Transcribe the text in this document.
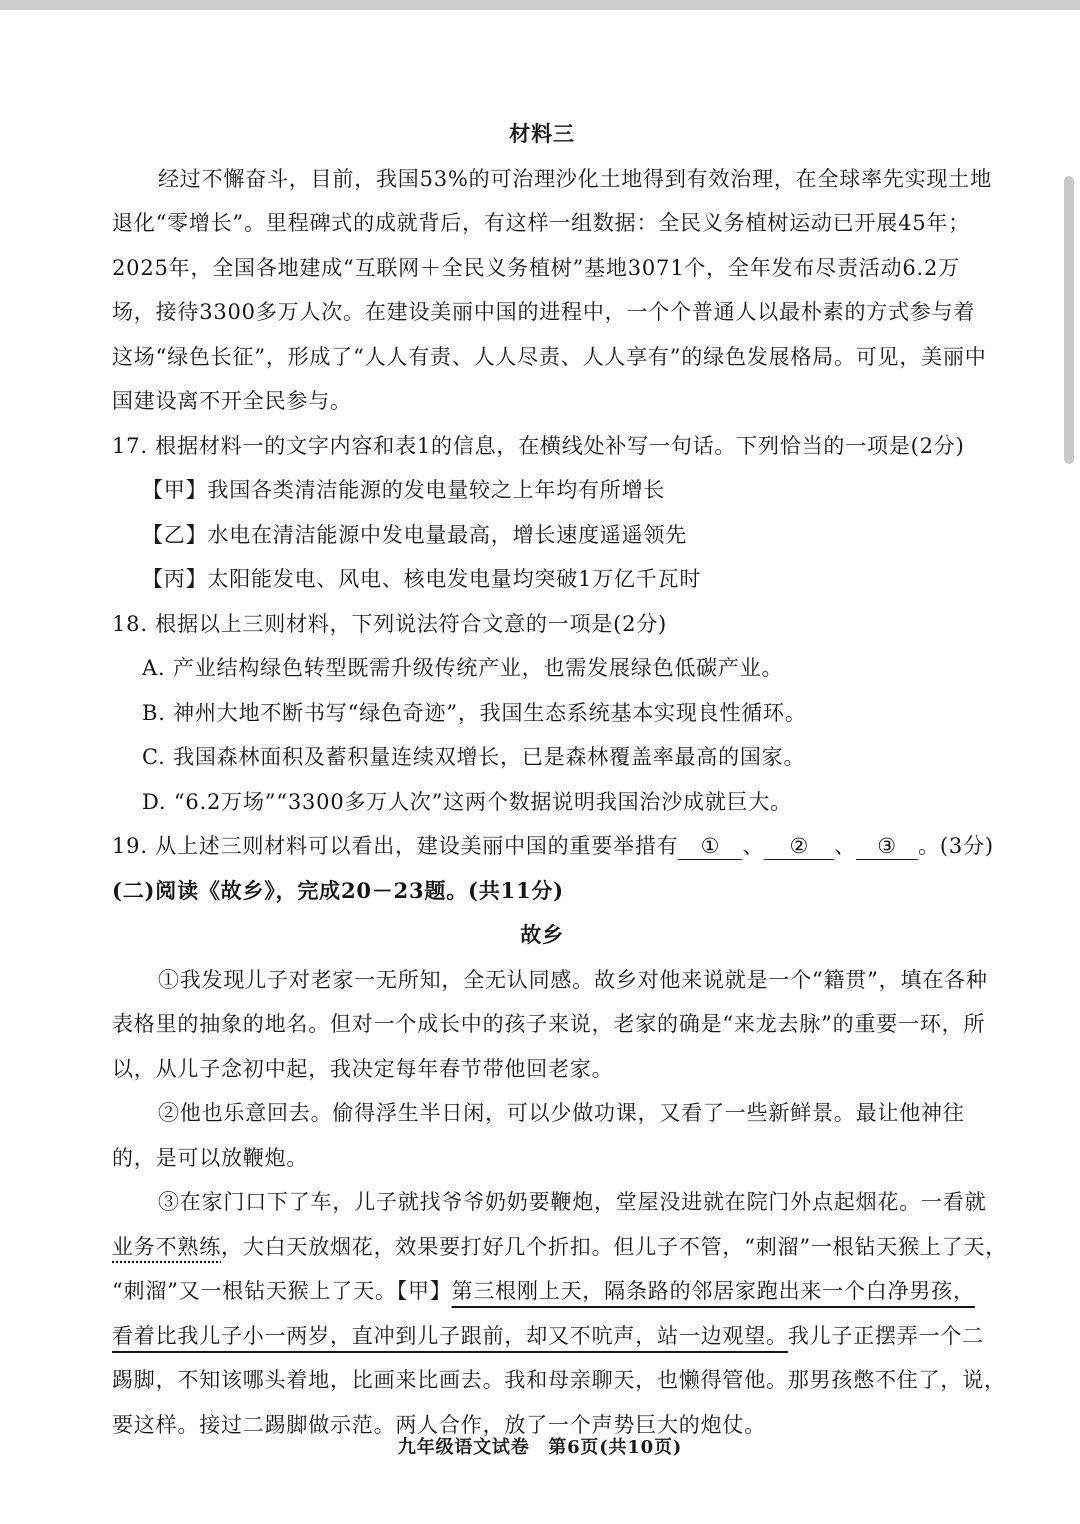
材料三
经过不懈奋斗，目前，我国53%的可治理沙化土地得到有效治理，在全球率先实现土地
退化“零增长”。里程碑式的成就背后，有这样一组数据：全民义务植树运动已开展45年；
2025年，全国各地建成“互联网＋全民义务植树”基地3071个，全年发布尽责活动6.2万
场，接待3300多万人次。在建设美丽中国的进程中，一个个普通人以最朴素的方式参与着
这场“绿色长征”，形成了“人人有责、人人尽责、人人享有”的绿色发展格局。可见，美丽中
国建设离不开全民参与。
17. 根据材料一的文字内容和表1的信息，在横线处补写一句话。下列恰当的一项是(2分)
【甲】我国各类清洁能源的发电量较之上年均有所增长
【乙】水电在清洁能源中发电量最高，增长速度遥遥领先
【丙】太阳能发电、风电、核电发电量均突破1万亿千瓦时
18. 根据以上三则材料，下列说法符合文意的一项是(2分)
A. 产业结构绿色转型既需升级传统产业，也需发展绿色低碳产业。
B. 神州大地不断书写“绿色奇迹”，我国生态系统基本实现良性循环。
C. 我国森林面积及蓄积量连续双增长，已是森林覆盖率最高的国家。
D. “6.2万场”“3300多万人次”这两个数据说明我国治沙成就巨大。
19. 从上述三则材料可以看出，建设美丽中国的重要举措有 ① 、 ② 、 ③ 。(3分)
(二)阅读《故乡》，完成20－23题。(共11分)
故乡
①我发现儿子对老家一无所知，全无认同感。故乡对他来说就是一个“籍贯”，填在各种
表格里的抽象的地名。但对一个成长中的孩子来说，老家的确是“来龙去脉”的重要一环，所
以，从儿子念初中起，我决定每年春节带他回老家。
②他也乐意回去。偷得浮生半日闲，可以少做功课，又看了一些新鲜景。最让他神往
的，是可以放鞭炮。
③在家门口下了车，儿子就找爷爷奶奶要鞭炮，堂屋没进就在院门外点起烟花。一看就
业务不熟练，大白天放烟花，效果要打好几个折扣。但儿子不管，“刺溜”一根钻天猴上了天，
“刺溜”又一根钻天猴上了天。【甲】第三根刚上天，隔条路的邻居家跑出来一个白净男孩，
看着比我儿子小一两岁，直冲到儿子跟前，却又不吭声，站一边观望。我儿子正摆弄一个二
踢脚，不知该哪头着地，比画来比画去。我和母亲聊天，也懒得管他。那男孩憋不住了，说，
要这样。接过二踢脚做示范。两人合作，放了一个声势巨大的炮仗。
九年级语文试卷　第6页(共10页)
